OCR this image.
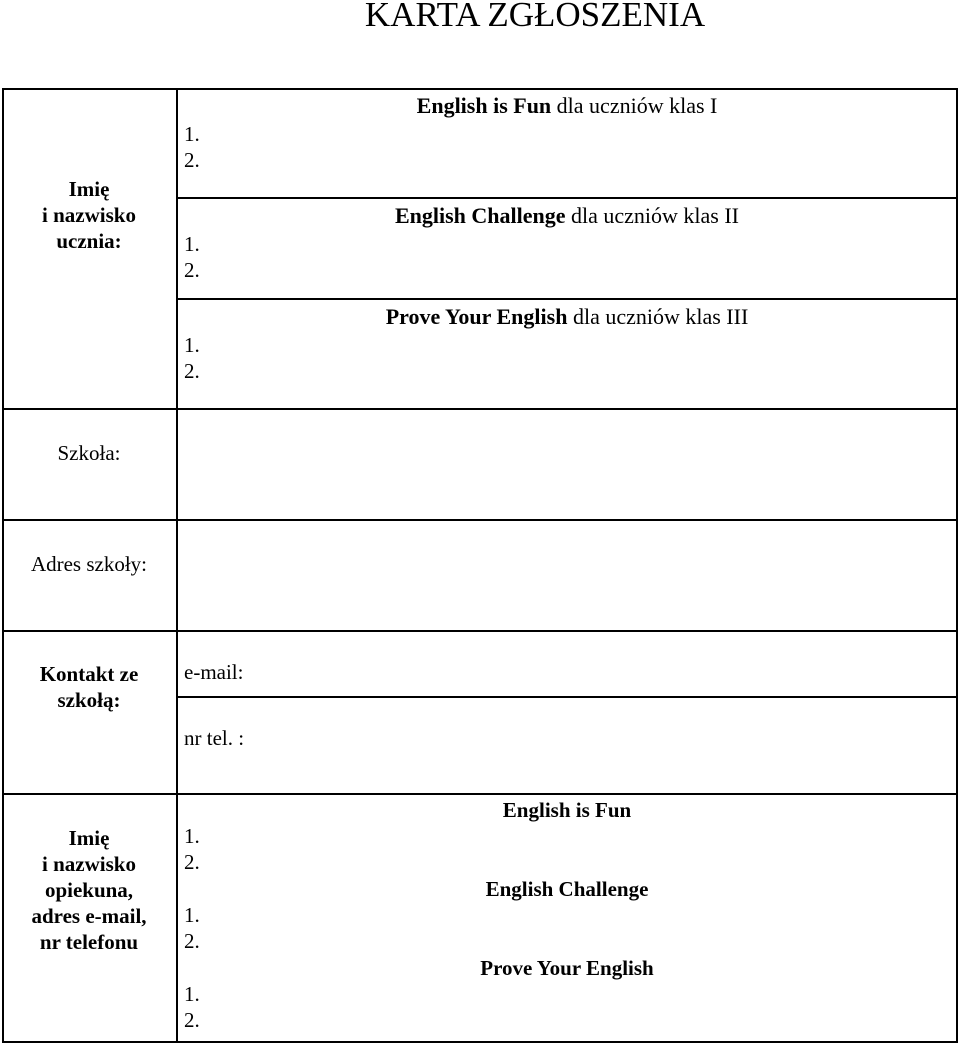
KARTA ZGŁOSZENIA
Imię
i nazwisko
ucznia:
English is Fun dla uczniów klas I
1.
2.
English Challenge dla uczniów klas II
1.
2.
Prove Your English dla uczniów klas III
1.
2.
Szkoła:
Adres szkoły:
Kontakt ze
szkołą:
e-mail:
nr tel. :
Imię
i nazwisko
opiekuna,
adres e-mail,
nr telefonu
1.
2.
1.
2.
1.
2.
English is Fun
English Challenge
Prove Your English
